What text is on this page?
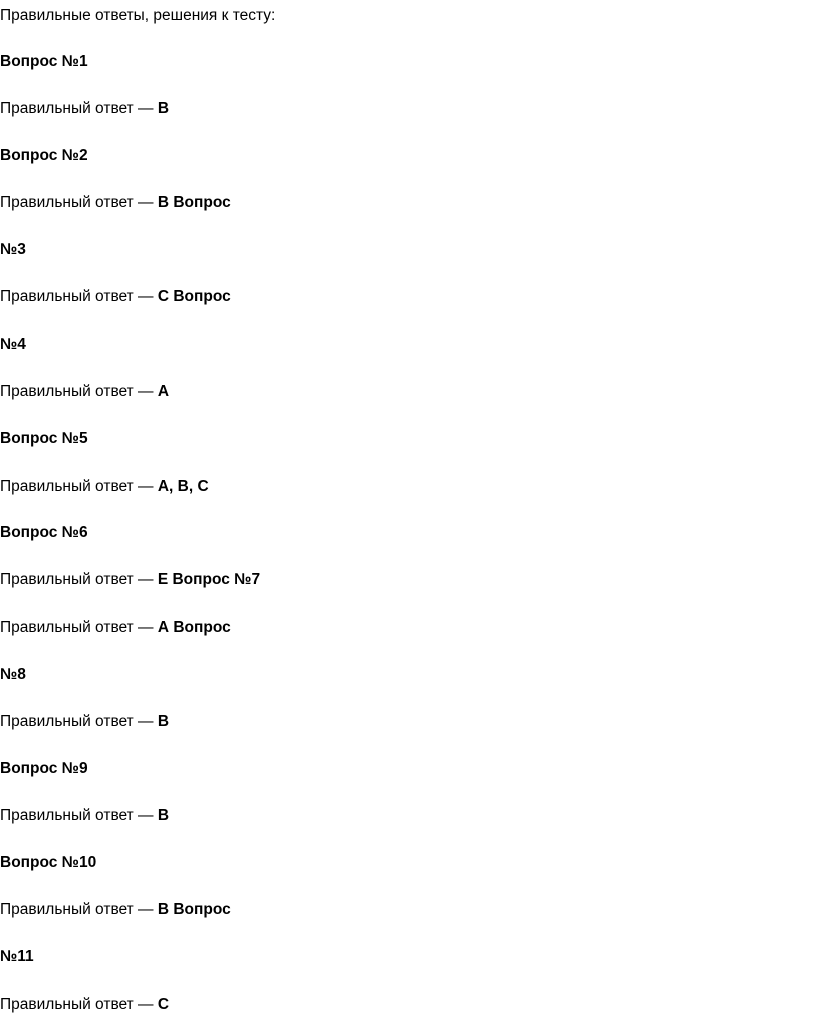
Правильные ответы, решения к тесту:
Вопрос №1
Правильный ответ — В
Вопрос №2
Правильный ответ — В Вопрос
№3
Правильный ответ — С Вопрос
№4
Правильный ответ — А
Вопрос №5
Правильный ответ — А, В, С
Вопрос №6
Правильный ответ — Е Вопрос №7
Правильный ответ — А Вопрос
№8
Правильный ответ — В
Вопрос №9
Правильный ответ — В
Вопрос №10
Правильный ответ — В Вопрос
№11
Правильный ответ — С
